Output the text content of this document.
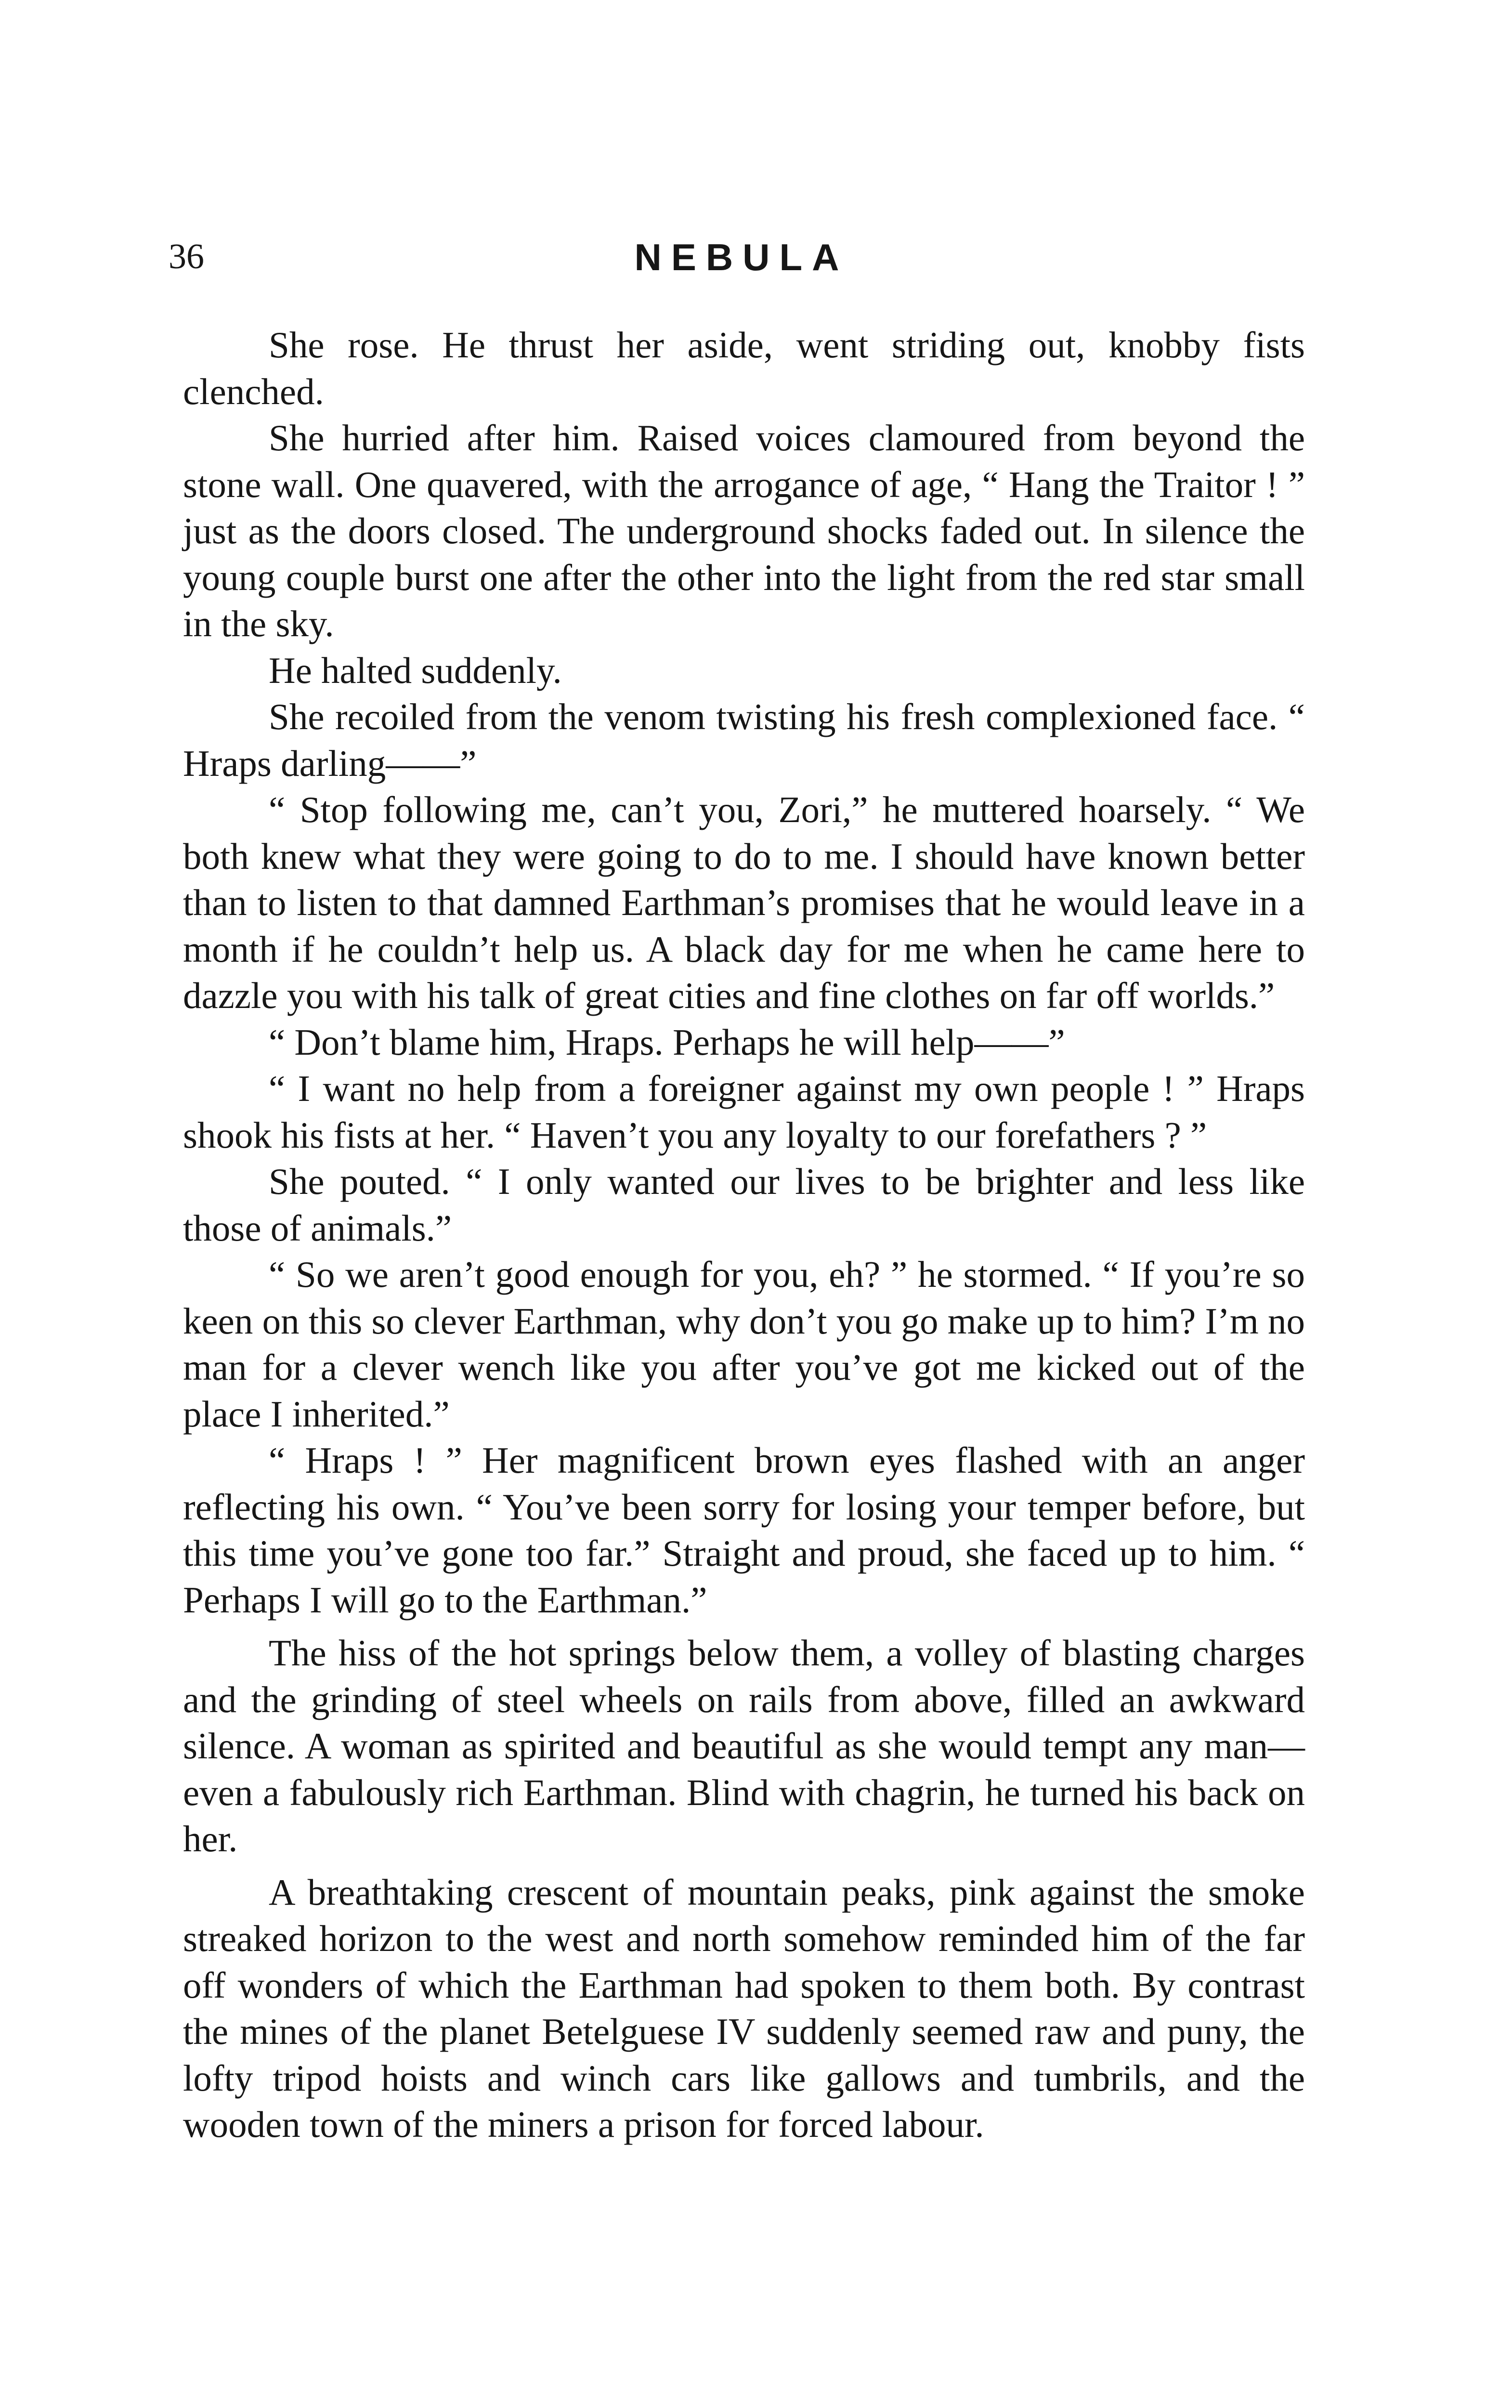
36	NEBULA

She rose. He thrust her aside, went striding out, knobby fists clenched.

She hurried after him. Raised voices clamoured from beyond the stone wall. One quavered, with the arrogance of age, “ Hang the Traitor ! ” just as the doors closed. The underground shocks faded out. In silence the young couple burst one after the other into the light from the red star small in the sky.

He halted suddenly.

She recoiled from the venom twisting his fresh complexioned face. “ Hraps darling——”

“ Stop following me, can’t you, Zori,” he muttered hoarsely. “ We both knew what they were going to do to me. I should have known better than to listen to that damned Earthman’s promises that he would leave in a month if he couldn’t help us. A black day for me when he came here to dazzle you with his talk of great cities and fine clothes on far off worlds.”

“ Don’t blame him, Hraps. Perhaps he will help——”

“ I want no help from a foreigner against my own people ! ” Hraps shook his fists at her. “ Haven’t you any loyalty to our forefathers ? ”

She pouted. “ I only wanted our lives to be brighter and less like those of animals.”

“ So we aren’t good enough for you, eh? ” he stormed. “ If you’re so keen on this so clever Earthman, why don’t you go make up to him? I’m no man for a clever wench like you after you’ve got me kicked out of the place I inherited.”

“ Hraps ! ” Her magnificent brown eyes flashed with an anger reflecting his own. “ You’ve been sorry for losing your temper before, but this time you’ve gone too far.” Straight and proud, she faced up to him. “ Perhaps I will go to the Earthman.”

The hiss of the hot springs below them, a volley of blasting charges and the grinding of steel wheels on rails from above, filled an awkward silence. A woman as spirited and beautiful as she would tempt any man—even a fabulously rich Earthman. Blind with chagrin, he turned his back on her.

A breathtaking crescent of mountain peaks, pink against the smoke streaked horizon to the west and north somehow reminded him of the far off wonders of which the Earthman had spoken to them both. By contrast the mines of the planet Betelguese IV suddenly seemed raw and puny, the lofty tripod hoists and winch cars like gallows and tumbrils, and the wooden town of the miners a prison for forced labour.
